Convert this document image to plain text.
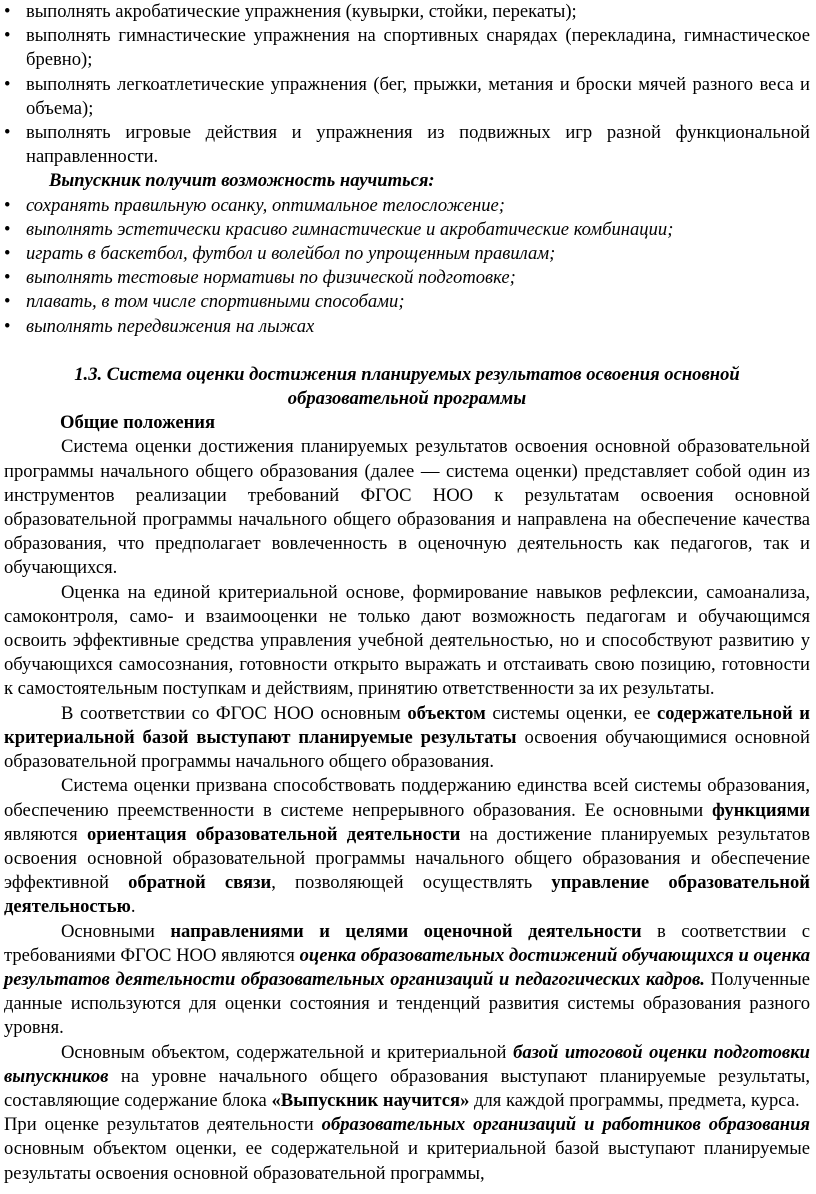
• выполнять акробатические упражнения (кувырки, стойки, перекаты);
• выполнять гимнастические упражнения на спортивных снарядах (перекладина, гимнастическое бревно);
• выполнять легкоатлетические упражнения (бег, прыжки, метания и броски мячей разного веса и объема);
• выполнять игровые действия и упражнения из подвижных игр разной функциональной направленности.
Выпускник получит возможность научиться:
• сохранять правильную осанку, оптимальное телосложение;
• выполнять эстетически красиво гимнастические и акробатические комбинации;
• играть в баскетбол, футбол и волейбол по упрощенным правилам;
• выполнять тестовые нормативы по физической подготовке;
• плавать, в том числе спортивными способами;
• выполнять передвижения на лыжах
1.3. Система оценки достижения планируемых результатов освоения основной образовательной программы
Общие положения

Система оценки достижения планируемых результатов освоения основной образовательной программы начального общего образования (далее — система оценки) представляет собой один из инструментов реализации требований ФГОС НОО к результатам освоения основной образовательной программы начального общего образования и направлена на обеспечение качества образования, что предполагает вовлеченность в оценочную деятельность как педагогов, так и обучающихся.

Оценка на единой критериальной основе, формирование навыков рефлексии, самоанализа, самоконтроля, само- и взаимооценки не только дают возможность педагогам и обучающимся освоить эффективные средства управления учебной деятельностью, но и способствуют развитию у обучающихся самосознания, готовности открыто выражать и отстаивать свою позицию, готовности к самостоятельным поступкам и действиям, принятию ответственности за их результаты.

В соответствии со ФГОС НОО основным объектом системы оценки, ее содержательной и критериальной базой выступают планируемые результаты освоения обучающимися основной образовательной программы начального общего образования.

Система оценки призвана способствовать поддержанию единства всей системы образования, обеспечению преемственности в системе непрерывного образования. Ее основными функциями являются ориентация образовательной деятельности на достижение планируемых результатов освоения основной образовательной программы начального общего образования и обеспечение эффективной обратной связи, позволяющей осуществлять управление образовательной деятельностью.

Основными направлениями и целями оценочной деятельности в соответствии с требованиями ФГОС НОО являются оценка образовательных достижений обучающихся и оценка результатов деятельности образовательных организаций и педагогических кадров. Полученные данные используются для оценки состояния и тенденций развития системы образования разного уровня.

Основным объектом, содержательной и критериальной базой итоговой оценки подготовки выпускников на уровне начального общего образования выступают планируемые результаты, составляющие содержание блока «Выпускник научится» для каждой программы, предмета, курса.

При оценке результатов деятельности образовательных организаций и работников образования основным объектом оценки, ее содержательной и критериальной базой выступают планируемые результаты освоения основной образовательной программы,
